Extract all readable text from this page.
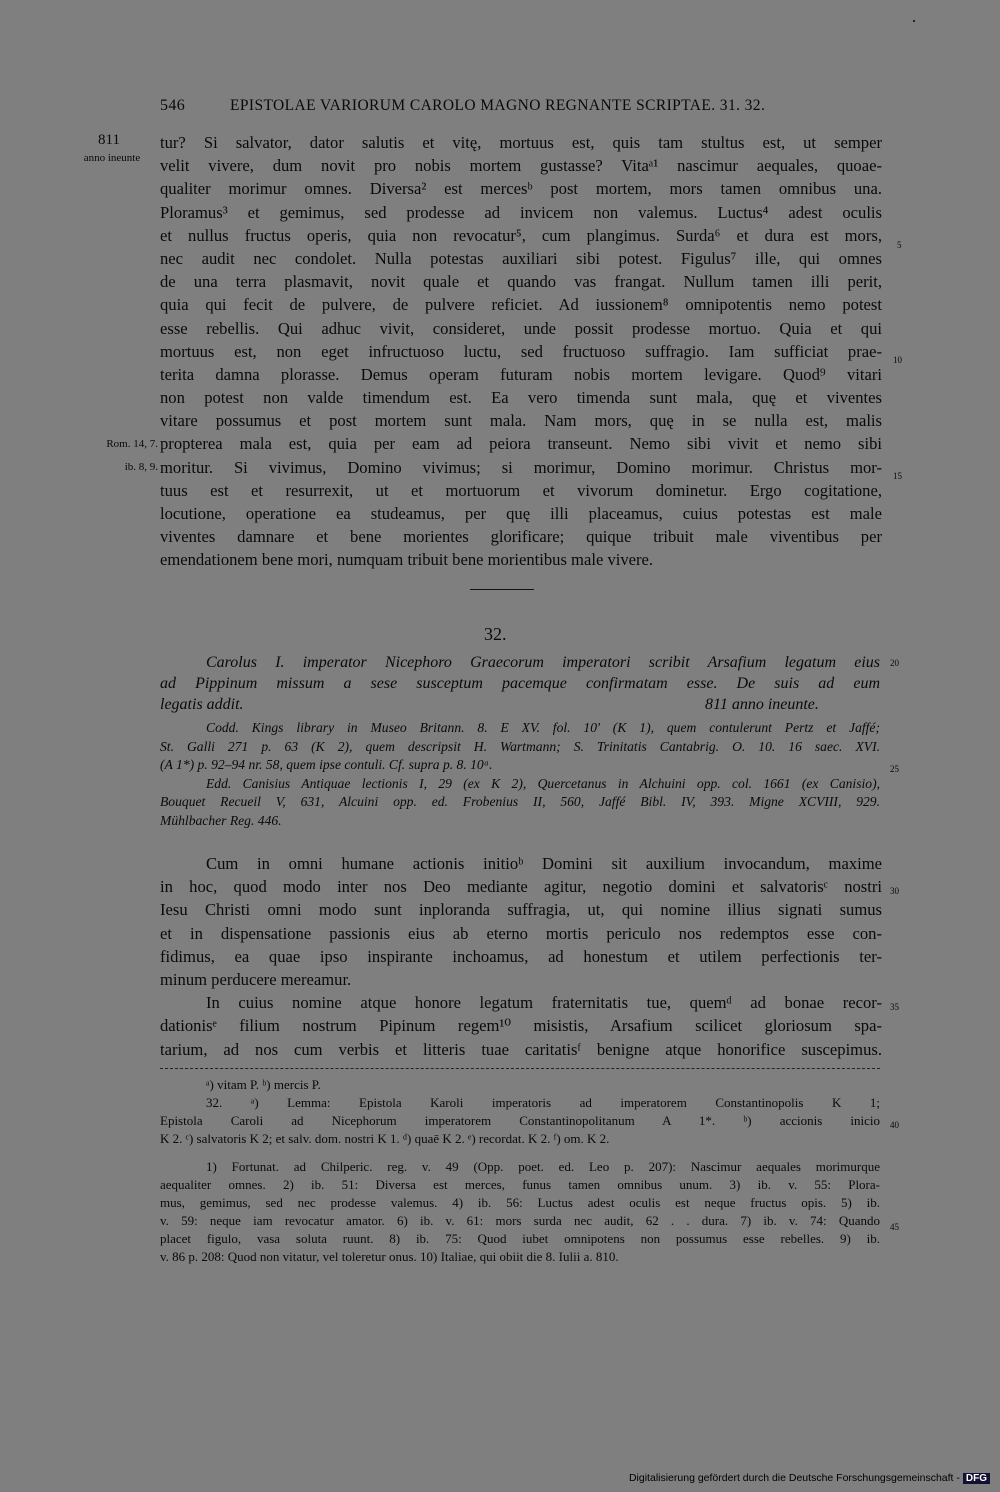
546	EPISTOLAE VARIORUM CAROLO MAGNO REGNANTE SCRIPTAE. 31. 32.
811
anno ineunte
tur? Si salvator, dator salutis et vitę, mortuus est, quis tam stultus est, ut semper
velit vivere, dum novit pro nobis mortem gustasse? Vitaᵃ¹ nascimur aequales, quoae-
qualiter morimur omnes. Diversa² est mercesᵇ post mortem, mors tamen omnibus una.
Ploramus³ et gemimus, sed prodesse ad invicem non valemus. Luctus⁴ adest oculis
et nullus fructus operis, quia non revocatur⁵, cum plangimus. Surda⁶ et dura est mors,
nec audit nec condolet. Nulla potestas auxiliari sibi potest. Figulus⁷ ille, qui omnes
de una terra plasmavit, novit quale et quando vas frangat. Nullum tamen illi perit,
quia qui fecit de pulvere, de pulvere reficiet. Ad iussionem⁸ omnipotentis nemo potest
esse rebellis. Qui adhuc vivit, consideret, unde possit prodesse mortuo. Quia et qui
mortuus est, non eget infructuoso luctu, sed fructuoso suffragio. Iam sufficiat prae-
terita damna plorasse. Demus operam futuram nobis mortem levigare. Quod⁹ vitari
non potest non valde timendum est. Ea vero timenda sunt mala, quę et viventes
vitare possumus et post mortem sunt mala. Nam mors, quę in se nulla est, malis
propterea mala est, quia per eam ad peiora transeunt. Nemo sibi vivit et nemo sibi
moritur. Si vivimus, Domino vivimus; si morimur, Domino morimur. Christus mor-
tuus est et resurrexit, ut et mortuorum et vivorum dominetur. Ergo cogitatione,
locutione, operatione ea studeamus, per quę illi placeamus, cuius potestas est male
viventes damnare et bene morientes glorificare; quique tribuit male viventibus per
emendationem bene mori, numquam tribuit bene morientibus male vivere.
Rom. 14, 7.
ib. 8, 9.
5
10
15
32.
Carolus I. imperator Nicephoro Graecorum imperatori scribit Arsafium legatum eius
ad Pippinum missum a sese susceptum pacemque confirmatam esse. De suis ad eum
legatis addit.	811 anno ineunte.
Codd. Kings library in Museo Britann. 8. E XV. fol. 10' (K 1), quem contulerunt Pertz et Jaffé;
St. Galli 271 p. 63 (K 2), quem descripsit H. Wartmann; S. Trinitatis Cantabrig. O. 10. 16 saec. XVI.
(A 1*) p. 92–94 nr. 58, quem ipse contuli. Cf. supra p. 8. 10ᵃ.
Edd. Canisius Antiquae lectionis I, 29 (ex K 2), Quercetanus in Alchuini opp. col. 1661 (ex Canisio),
Bouquet Recueil V, 631, Alcuini opp. ed. Frobenius II, 560, Jaffé Bibl. IV, 393. Migne XCVIII, 929.
Mühlbacher Reg. 446.
20
25
Cum in omni humane actionis initioᵇ Domini sit auxilium invocandum, maxime
in hoc, quod modo inter nos Deo mediante agitur, negotio domini et salvatorisᶜ nostri
Iesu Christi omni modo sunt inploranda suffragia, ut, qui nomine illius signati sumus
et in dispensatione passionis eius ab eterno mortis periculo nos redemptos esse con-
fidimus, ea quae ipso inspirante inchoamus, ad honestum et utilem perfectionis ter-
minum perducere mereamur.
In cuius nomine atque honore legatum fraternitatis tue, quemᵈ ad bonae recor-
dationisᵉ filium nostrum Pipinum regem¹⁰ misistis, Arsafium scilicet gloriosum spa-
tarium, ad nos cum verbis et litteris tuae caritatisᶠ benigne atque honorifice suscepimus.
30
35
ᵃ) vitam P. ᵇ) mercis P.
32. ᵃ) Lemma: Epistola Karoli imperatoris ad imperatorem Constantinopolis K 1;
Epistola Caroli ad Nicephorum imperatorem Constantinopolitanum A 1*. ᵇ) accionis inicio
K 2. ᶜ) salvatoris K 2; et salv. dom. nostri K 1. ᵈ) quaē K 2. ᵉ) recordat. K 2. ᶠ) om. K 2.
40
1) Fortunat. ad Chilperic. reg. v. 49 (Opp. poet. ed. Leo p. 207): Nascimur aequales morimurque
aequaliter omnes. 2) ib. 51: Diversa est merces, funus tamen omnibus unum. 3) ib. v. 55: Plora-
mus, gemimus, sed nec prodesse valemus. 4) ib. 56: Luctus adest oculis est neque fructus opis. 5) ib.
v. 59: neque iam revocatur amator. 6) ib. v. 61: mors surda nec audit, 62 . . dura. 7) ib. v. 74: Quando
placet figulo, vasa soluta ruunt. 8) ib. 75: Quod iubet omnipotens non possumus esse rebelles. 9) ib.
v. 86 p. 208: Quod non vitatur, vel toleretur onus. 10) Italiae, qui obiit die 8. Iulii a. 810.
45
Digitalisierung gefördert durch die Deutsche Forschungsgemeinschaft - DFG
